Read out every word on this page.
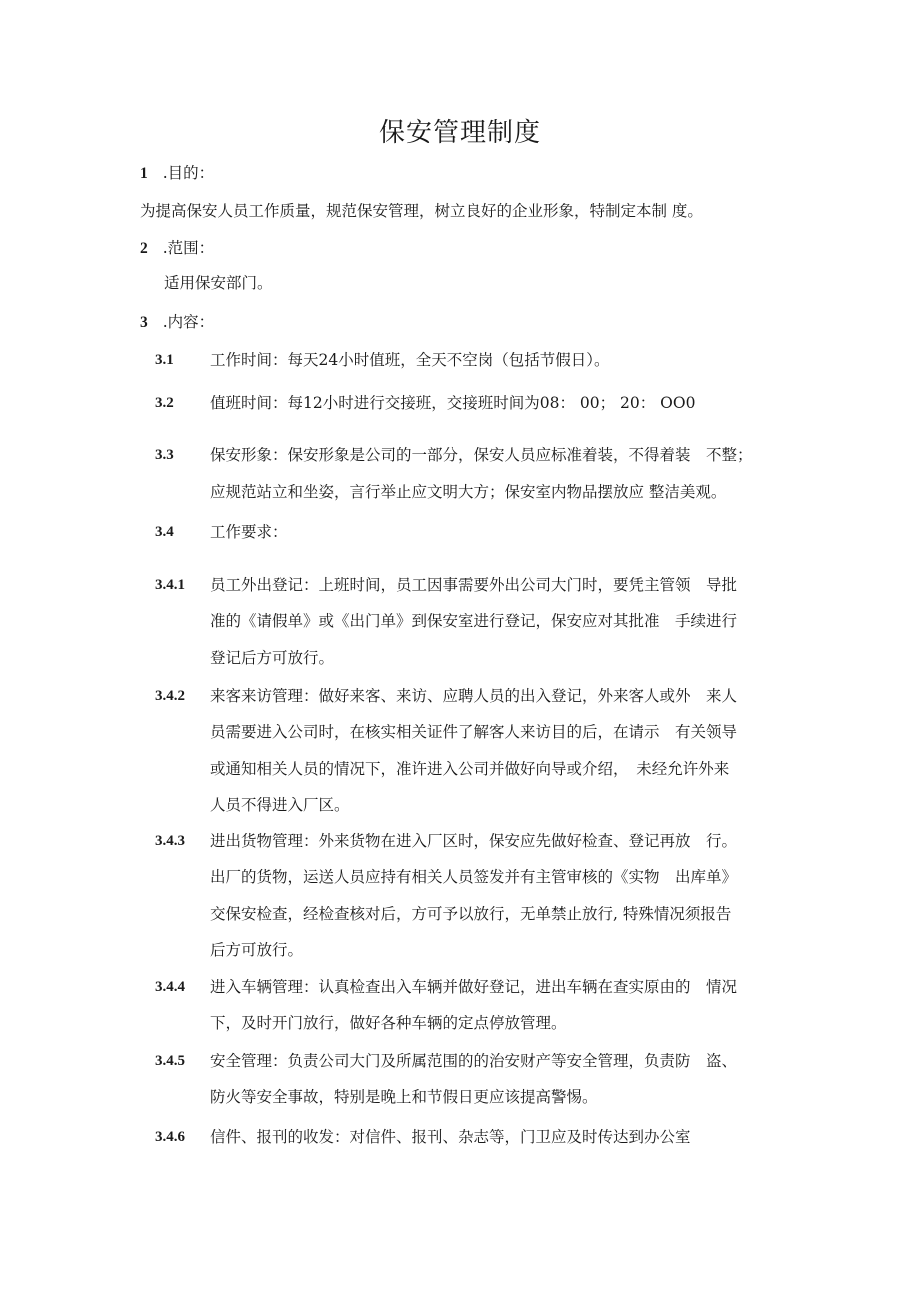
保安管理制度
1 .目的：
为提高保安人员工作质量，规范保安管理，树立良好的企业形象，特制定本制 度。
2 .范围：
适用保安部门。
3 .内容：
3.1 工作时间：每天24小时值班，全天不空岗（包括节假日）。
3.2 值班时间：每12小时进行交接班，交接班时间为08： 00； 20： OO0
3.3 保安形象：保安形象是公司的一部分，保安人员应标准着装，不得着装　不整；
应规范站立和坐姿，言行举止应文明大方；保安室内物品摆放应 整洁美观。
3.4 工作要求：
3.4.1 员工外出登记：上班时间，员工因事需要外出公司大门时，要凭主管领　导批
准的《请假单》或《出门单》到保安室进行登记，保安应对其批准　手续进行
登记后方可放行。
3.4.2 来客来访管理：做好来客、来访、应聘人员的出入登记，外来客人或外　来人
员需要进入公司时，在核实相关证件了解客人来访目的后，在请示　有关领导
或通知相关人员的情况下，准许进入公司并做好向导或介绍，　未经允许外来
人员不得进入厂区。
3.4.3 进出货物管理：外来货物在进入厂区时，保安应先做好检查、登记再放　行。
出厂的货物，运送人员应持有相关人员签发并有主管审核的《实物　出库单》
交保安检查，经检查核对后，方可予以放行，无单禁止放行, 特殊情况须报告
后方可放行。
3.4.4 进入车辆管理：认真检查出入车辆并做好登记，进出车辆在查实原由的　情况
下，及时开门放行，做好各种车辆的定点停放管理。
3.4.5 安全管理：负责公司大门及所属范围的的治安财产等安全管理，负责防　盗、
防火等安全事故，特别是晚上和节假日更应该提高警惕。
3.4.6 信件、报刊的收发：对信件、报刊、杂志等，门卫应及时传达到办公室
